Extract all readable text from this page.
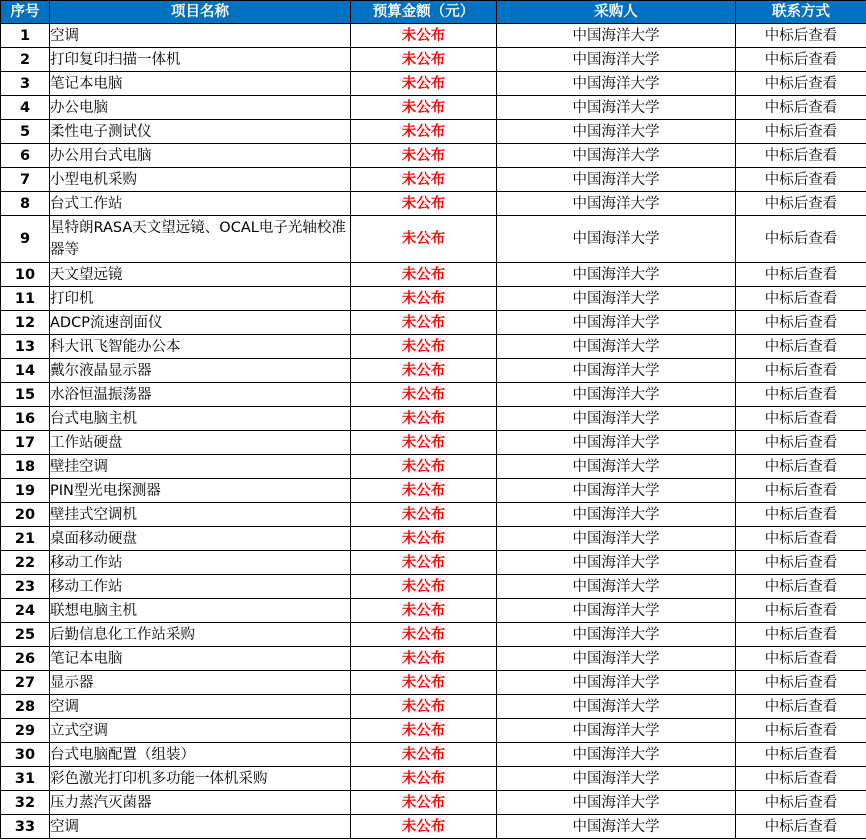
序号	项目名称	预算金额（元）	采购人	联系方式
1	空调	未公布	中国海洋大学	中标后查看
2	打印复印扫描一体机	未公布	中国海洋大学	中标后查看
3	笔记本电脑	未公布	中国海洋大学	中标后查看
4	办公电脑	未公布	中国海洋大学	中标后查看
5	柔性电子测试仪	未公布	中国海洋大学	中标后查看
6	办公用台式电脑	未公布	中国海洋大学	中标后查看
7	小型电机采购	未公布	中国海洋大学	中标后查看
8	台式工作站	未公布	中国海洋大学	中标后查看
9	星特朗RASA天文望远镜、OCAL电子光轴校准器等	未公布	中国海洋大学	中标后查看
10	天文望远镜	未公布	中国海洋大学	中标后查看
11	打印机	未公布	中国海洋大学	中标后查看
12	ADCP流速剖面仪	未公布	中国海洋大学	中标后查看
13	科大讯飞智能办公本	未公布	中国海洋大学	中标后查看
14	戴尔液晶显示器	未公布	中国海洋大学	中标后查看
15	水浴恒温振荡器	未公布	中国海洋大学	中标后查看
16	台式电脑主机	未公布	中国海洋大学	中标后查看
17	工作站硬盘	未公布	中国海洋大学	中标后查看
18	壁挂空调	未公布	中国海洋大学	中标后查看
19	PIN型光电探测器	未公布	中国海洋大学	中标后查看
20	壁挂式空调机	未公布	中国海洋大学	中标后查看
21	桌面移动硬盘	未公布	中国海洋大学	中标后查看
22	移动工作站	未公布	中国海洋大学	中标后查看
23	移动工作站	未公布	中国海洋大学	中标后查看
24	联想电脑主机	未公布	中国海洋大学	中标后查看
25	后勤信息化工作站采购	未公布	中国海洋大学	中标后查看
26	笔记本电脑	未公布	中国海洋大学	中标后查看
27	显示器	未公布	中国海洋大学	中标后查看
28	空调	未公布	中国海洋大学	中标后查看
29	立式空调	未公布	中国海洋大学	中标后查看
30	台式电脑配置（组装）	未公布	中国海洋大学	中标后查看
31	彩色激光打印机多功能一体机采购	未公布	中国海洋大学	中标后查看
32	压力蒸汽灭菌器	未公布	中国海洋大学	中标后查看
33	空调	未公布	中国海洋大学	中标后查看
